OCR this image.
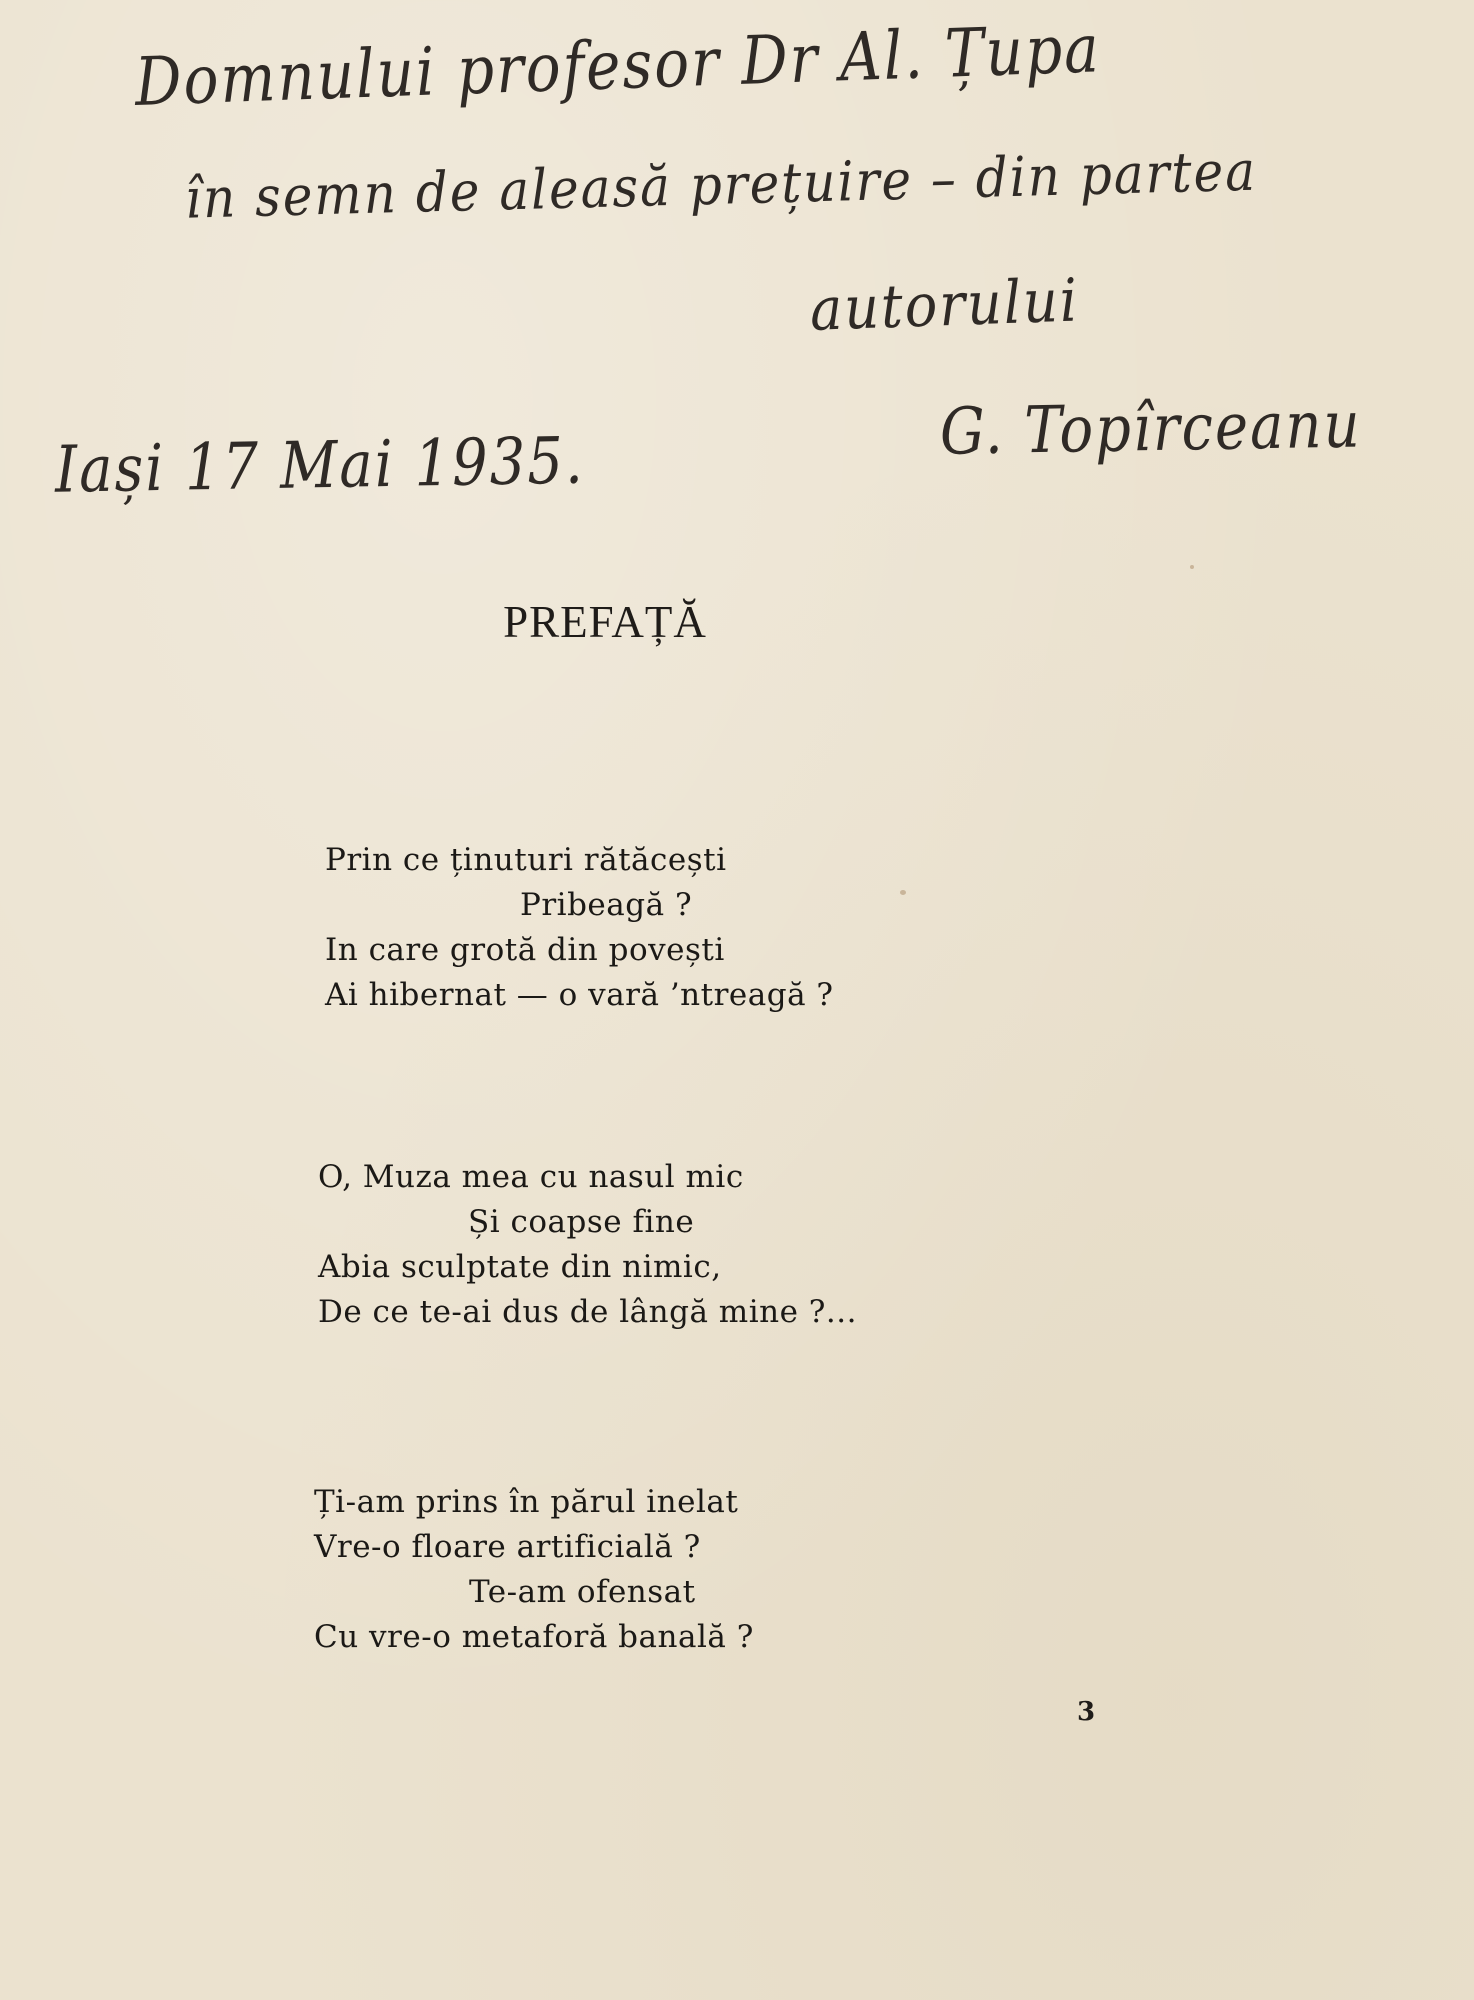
Domnului profesor Dr Al. Țupa
în semn de aleasă prețuire – din partea
autorului
Iași 17 Mai 1935.	G. Topîrceanu
PREFAȚĂ
Prin ce ținuturi rătăcești
Pribeagă ?
In care grotă din povești
Ai hibernat — o vară ’ntreagă ?
O, Muza mea cu nasul mic
Și coapse fine
Abia sculptate din nimic,
De ce te-ai dus de lângă mine ?...
Ți-am prins în părul inelat
Vre-o floare artificială ?
Te-am ofensat
Cu vre-o metaforă banală ?
3
